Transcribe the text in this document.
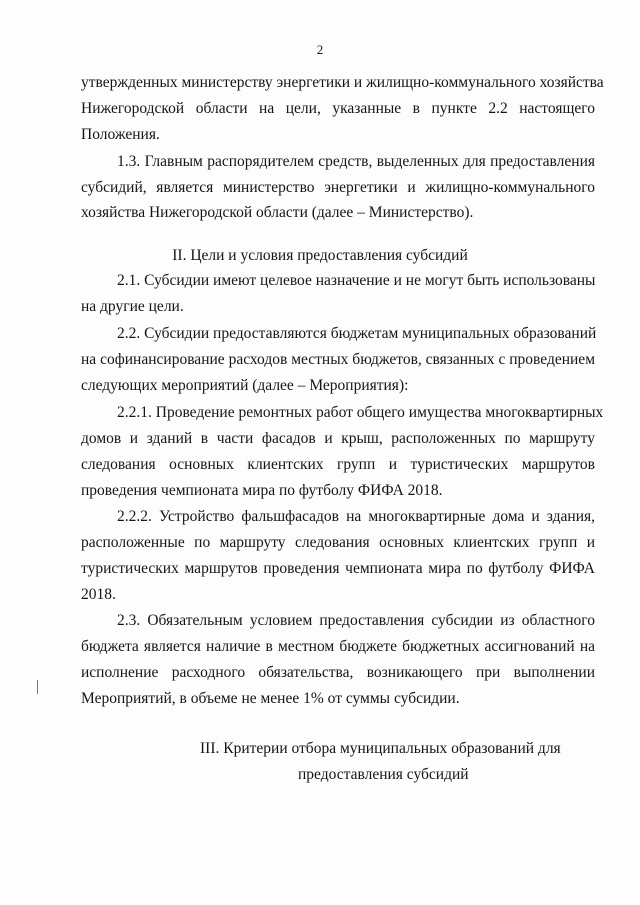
2
утвержденных министерству энергетики и жилищно-коммунального хозяйства
Нижегородской области на цели, указанные в пункте 2.2 настоящего
Положения.
1.3. Главным распорядителем средств, выделенных для предоставления
субсидий, является министерство энергетики и жилищно-коммунального
хозяйства Нижегородской области (далее – Министерство).
II. Цели и условия предоставления субсидий
2.1. Субсидии имеют целевое назначение и не могут быть использованы
на другие цели.
2.2. Субсидии предоставляются бюджетам муниципальных образований
на софинансирование расходов местных бюджетов, связанных с проведением
следующих мероприятий (далее – Мероприятия):
2.2.1. Проведение ремонтных работ общего имущества многоквартирных
домов и зданий в части фасадов и крыш, расположенных по маршруту
следования основных клиентских групп и туристических маршрутов
проведения чемпионата мира по футболу ФИФА 2018.
2.2.2. Устройство фальшфасадов на многоквартирные дома и здания,
расположенные по маршруту следования основных клиентских групп и
туристических маршрутов проведения чемпионата мира по футболу ФИФА
2018.
2.3. Обязательным условием предоставления субсидии из областного
бюджета является наличие в местном бюджете бюджетных ассигнований на
исполнение расходного обязательства, возникающего при выполнении
Мероприятий, в объеме не менее 1% от суммы субсидии.
III. Критерии отбора муниципальных образований для
предоставления субсидий
